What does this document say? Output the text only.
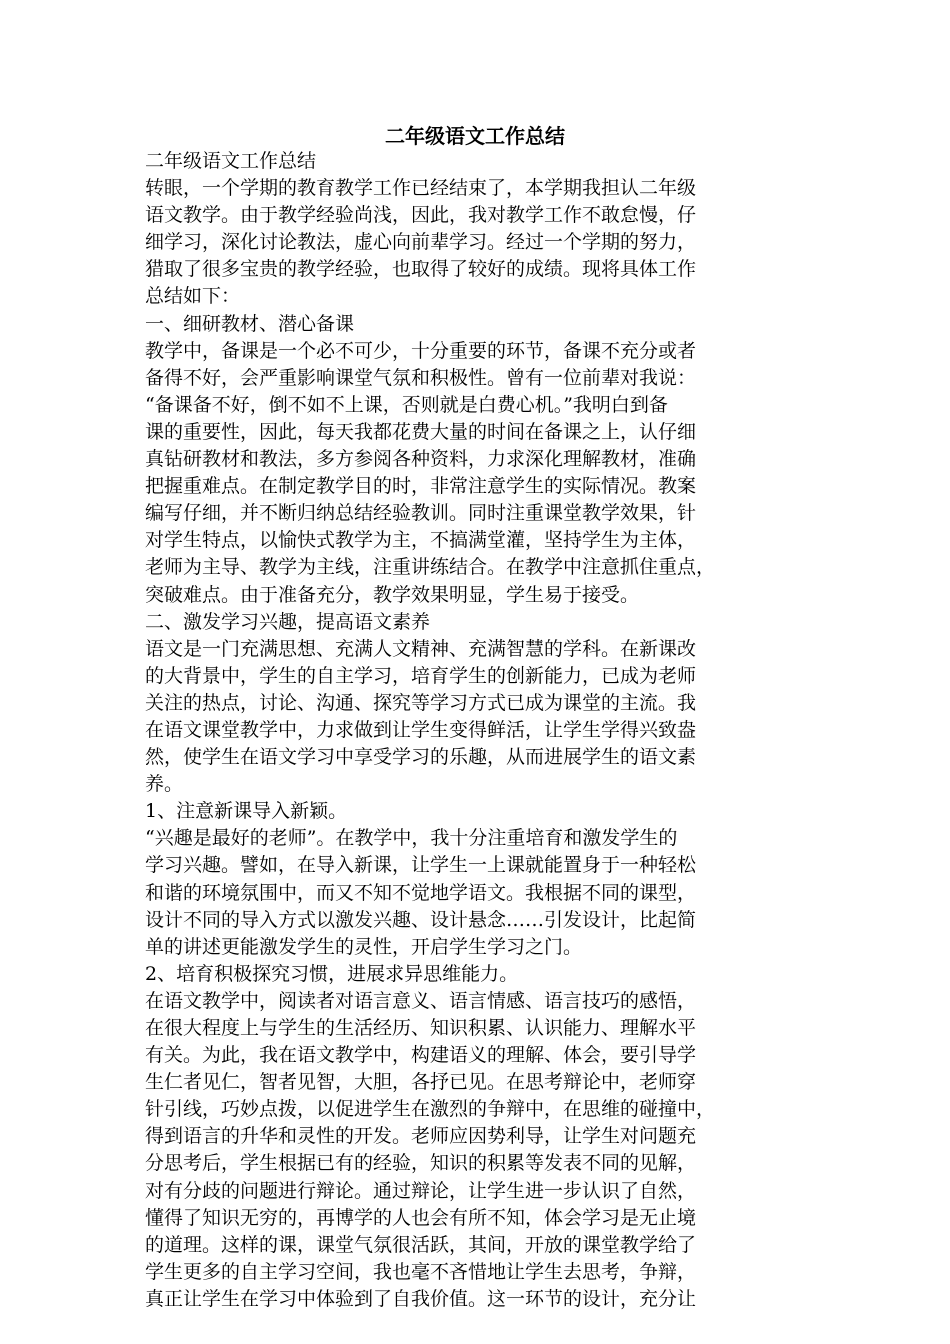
二年级语文工作总结
二年级语文工作总结
转眼，一个学期的教育教学工作已经结束了，本学期我担认二年级
语文教学。由于教学经验尚浅，因此，我对教学工作不敢怠慢，仔
细学习，深化讨论教法，虚心向前辈学习。经过一个学期的努力，
猎取了很多宝贵的教学经验，也取得了较好的成绩。现将具体工作
总结如下：
一、细研教材、潜心备课
教学中，备课是一个必不可少，十分重要的环节，备课不充分或者
备得不好，会严重影响课堂气氛和积极性。曾有一位前辈对我说：
“备课备不好，倒不如不上课，否则就是白费心机。”我明白到备
课的重要性，因此，每天我都花费大量的时间在备课之上，认仔细
真钻研教材和教法，多方参阅各种资料，力求深化理解教材，准确
把握重难点。在制定教学目的时，非常注意学生的实际情况。教案
编写仔细，并不断归纳总结经验教训。同时注重课堂教学效果，针
对学生特点，以愉快式教学为主，不搞满堂灌，坚持学生为主体，
老师为主导、教学为主线，注重讲练结合。在教学中注意抓住重点，
突破难点。由于准备充分，教学效果明显，学生易于接受。
二、激发学习兴趣，提高语文素养
语文是一门充满思想、充满人文精神、充满智慧的学科。在新课改
的大背景中，学生的自主学习，培育学生的创新能力，已成为老师
关注的热点，讨论、沟通、探究等学习方式已成为课堂的主流。我
在语文课堂教学中，力求做到让学生变得鲜活，让学生学得兴致盎
然，使学生在语文学习中享受学习的乐趣，从而进展学生的语文素
养。
1、注意新课导入新颖。
“兴趣是最好的老师”。在教学中，我十分注重培育和激发学生的
学习兴趣。譬如，在导入新课，让学生一上课就能置身于一种轻松
和谐的环境氛围中，而又不知不觉地学语文。我根据不同的课型，
设计不同的导入方式以激发兴趣、设计悬念……引发设计，比起简
单的讲述更能激发学生的灵性，开启学生学习之门。
2、培育积极探究习惯，进展求异思维能力。
在语文教学中，阅读者对语言意义、语言情感、语言技巧的感悟，
在很大程度上与学生的生活经历、知识积累、认识能力、理解水平
有关。为此，我在语文教学中，构建语义的理解、体会，要引导学
生仁者见仁，智者见智，大胆，各抒已见。在思考辩论中，老师穿
针引线，巧妙点拨，以促进学生在激烈的争辩中，在思维的碰撞中，
得到语言的升华和灵性的开发。老师应因势利导，让学生对问题充
分思考后，学生根据已有的经验，知识的积累等发表不同的见解，
对有分歧的问题进行辩论。通过辩论，让学生进一步认识了自然，
懂得了知识无穷的，再博学的人也会有所不知，体会学习是无止境
的道理。这样的课，课堂气氛很活跃，其间，开放的课堂教学给了
学生更多的自主学习空间，我也毫不吝惜地让学生去思考，争辩，
真正让学生在学习中体验到了自我价值。这一环节的设计，充分让
